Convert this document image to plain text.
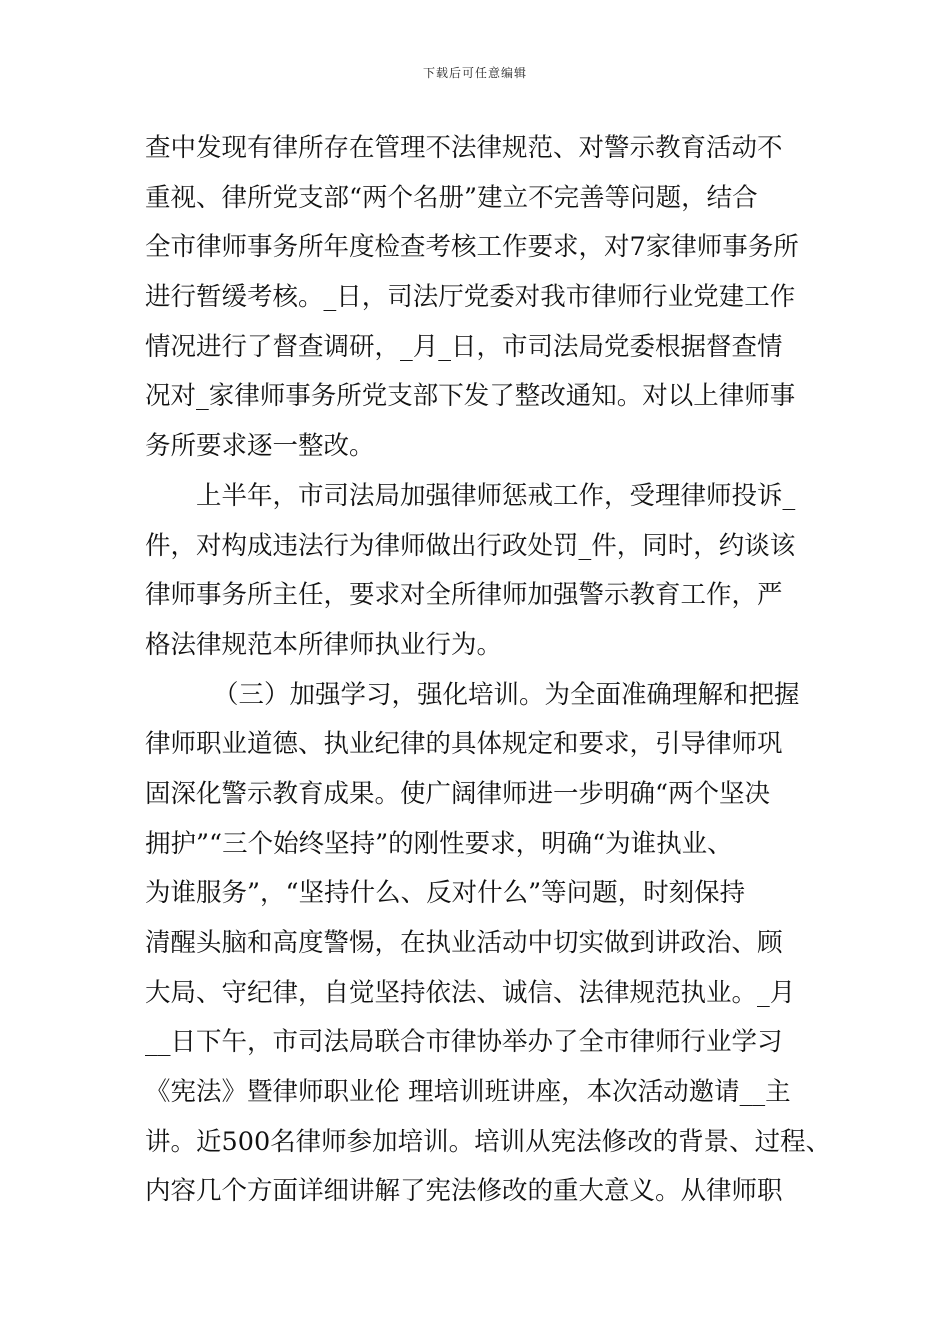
下载后可任意编辑
查中发现有律所存在管理不法律规范、对警示教育活动不
重视、律所党支部“两个名册”建立不完善等问题，结合
全市律师事务所年度检查考核工作要求，对7家律师事务所
进行暂缓考核。_日，司法厅党委对我市律师行业党建工作
情况进行了督查调研，_月_日，市司法局党委根据督查情
况对_家律师事务所党支部下发了整改通知。对以上律师事
务所要求逐一整改。
上半年，市司法局加强律师惩戒工作，受理律师投诉_
件，对构成违法行为律师做出行政处罚_件，同时，约谈该
律师事务所主任，要求对全所律师加强警示教育工作，严
格法律规范本所律师执业行为。
（三）加强学习，强化培训。为全面准确理解和把握
律师职业道德、执业纪律的具体规定和要求，引导律师巩
固深化警示教育成果。使广阔律师进一步明确“两个坚决
拥护”“三个始终坚持”的刚性要求，明确“为谁执业、
为谁服务”，“坚持什么、反对什么”等问题，时刻保持
清醒头脑和高度警惕，在执业活动中切实做到讲政治、顾
大局、守纪律，自觉坚持依法、诚信、法律规范执业。_月
__日下午，市司法局联合市律协举办了全市律师行业学习
《宪法》暨律师职业伦 理培训班讲座，本次活动邀请__主
讲。近500名律师参加培训。培训从宪法修改的背景、过程、
内容几个方面详细讲解了宪法修改的重大意义。从律师职
